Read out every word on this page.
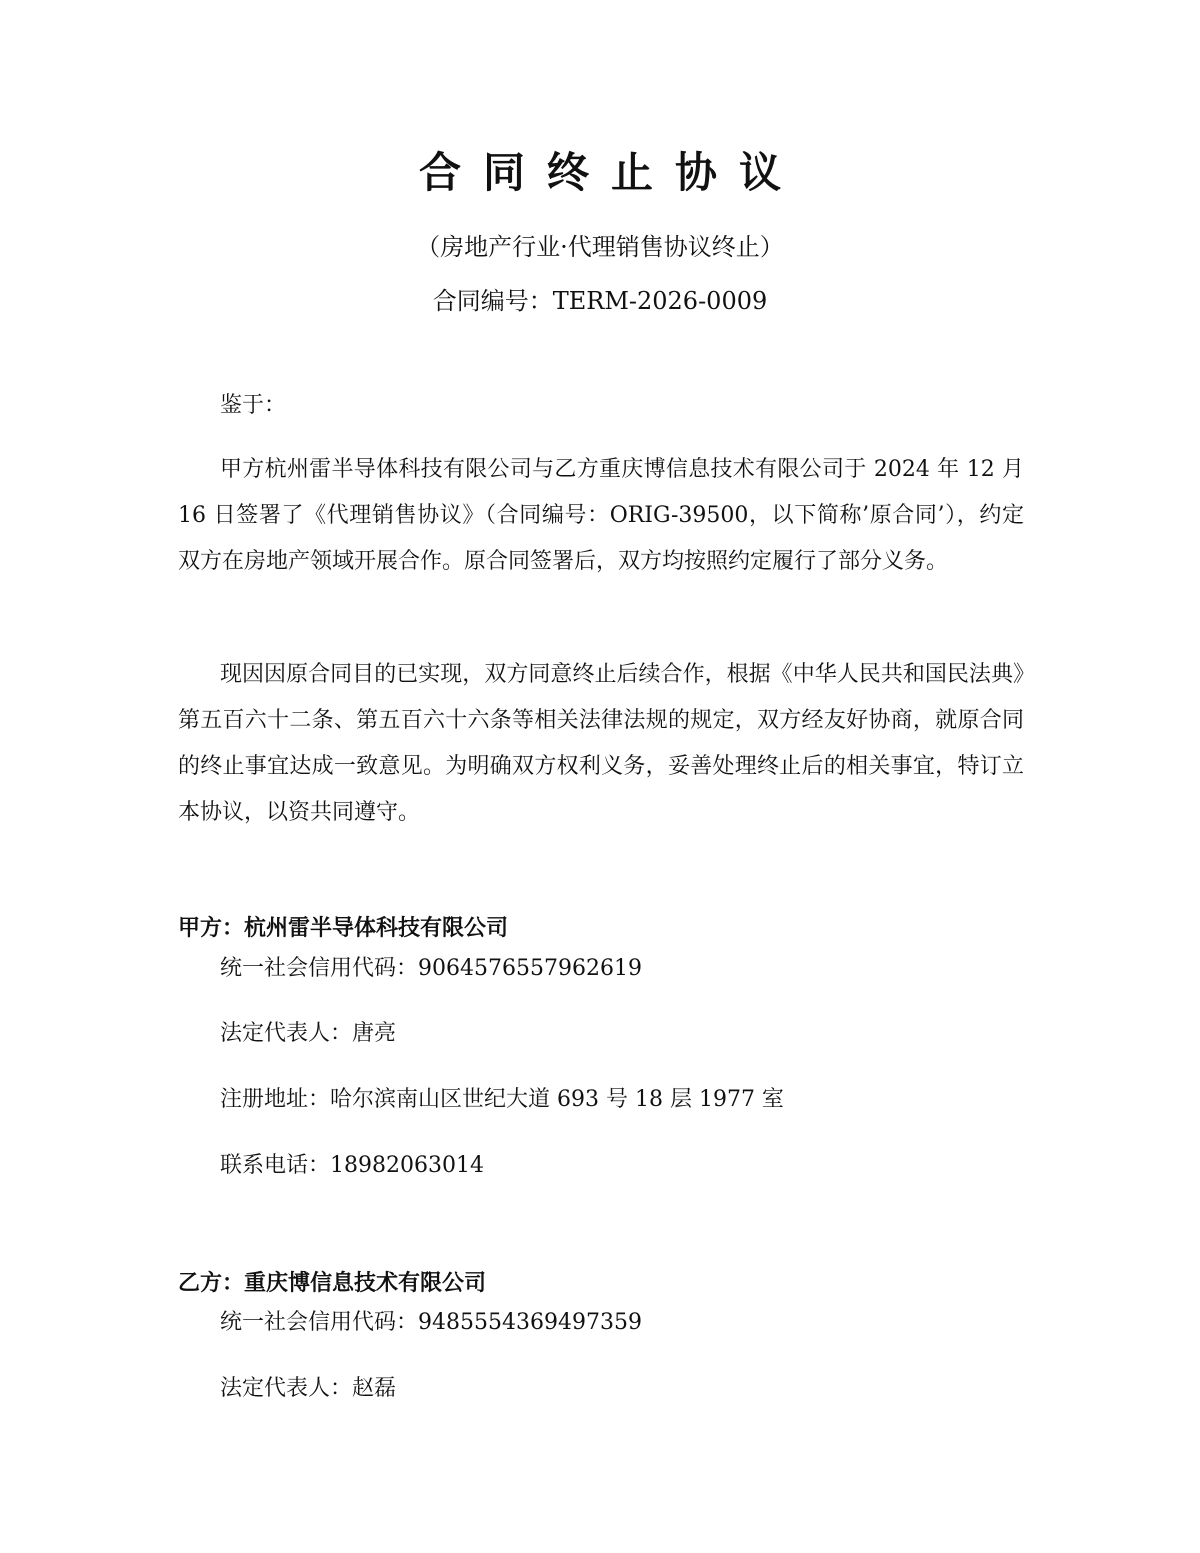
合同终止协议
（房地产行业·代理销售协议终止）
合同编号：TERM-2026-0009
鉴于：
甲方杭州雷半导体科技有限公司与乙方重庆博信息技术有限公司于 2024 年 12 月 16 日签署了《代理销售协议》（合同编号：ORIG-39500，以下简称’原合同’），约定双方在房地产领域开展合作。原合同签署后，双方均按照约定履行了部分义务。
现因因原合同目的已实现，双方同意终止后续合作，根据《中华人民共和国民法典》第五百六十二条、第五百六十六条等相关法律法规的规定，双方经友好协商，就原合同的终止事宜达成一致意见。为明确双方权利义务，妥善处理终止后的相关事宜，特订立本协议，以资共同遵守。
甲方：杭州雷半导体科技有限公司
统一社会信用代码：9064576557962619
法定代表人：唐亮
注册地址：哈尔滨南山区世纪大道 693 号 18 层 1977 室
联系电话：18982063014
乙方：重庆博信息技术有限公司
统一社会信用代码：9485554369497359
法定代表人：赵磊
